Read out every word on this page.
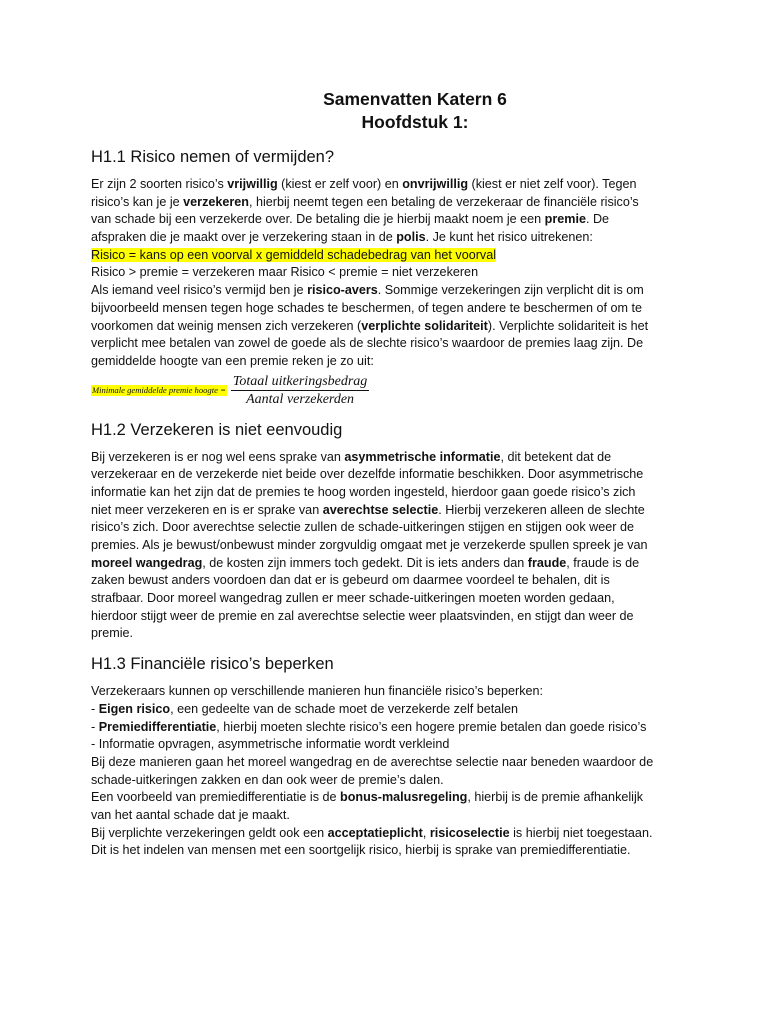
Samenvatten Katern 6
Hoofdstuk 1:
H1.1 Risico nemen of vermijden?
Er zijn 2 soorten risico’s vrijwillig (kiest er zelf voor) en onvrijwillig (kiest er niet zelf voor). Tegen
risico’s kan je je verzekeren, hierbij neemt tegen een betaling de verzekeraar de financiële risico’s
van schade bij een verzekerde over. De betaling die je hierbij maakt noem je een premie. De
afspraken die je maakt over je verzekering staan in de polis. Je kunt het risico uitrekenen:
Risico = kans op een voorval x gemiddeld schadebedrag van het voorval
Risico > premie = verzekeren maar Risico < premie = niet verzekeren
Als iemand veel risico’s vermijd ben je risico-avers. Sommige verzekeringen zijn verplicht dit is om
bijvoorbeeld mensen tegen hoge schades te beschermen, of tegen andere te beschermen of om te
voorkomen dat weinig mensen zich verzekeren (verplichte solidariteit). Verplichte solidariteit is het
verplicht mee betalen van zowel de goede als de slechte risico’s waardoor de premies laag zijn. De
gemiddelde hoogte van een premie reken je zo uit:
Minimale gemiddelde premie hoogte = $\frac{\text{Totaal uitkeringsbedrag}}{\text{Aantal verzekerden}}$
H1.2 Verzekeren is niet eenvoudig
Bij verzekeren is er nog wel eens sprake van asymmetrische informatie, dit betekent dat de
verzekeraar en de verzekerde niet beide over dezelfde informatie beschikken. Door asymmetrische
informatie kan het zijn dat de premies te hoog worden ingesteld, hierdoor gaan goede risico’s zich
niet meer verzekeren en is er sprake van averechtse selectie. Hierbij verzekeren alleen de slechte
risico’s zich. Door averechtse selectie zullen de schade-uitkeringen stijgen en stijgen ook weer de
premies. Als je bewust/onbewust minder zorgvuldig omgaat met je verzekerde spullen spreek je van
moreel wangedrag, de kosten zijn immers toch gedekt. Dit is iets anders dan fraude, fraude is de
zaken bewust anders voordoen dan dat er is gebeurd om daarmee voordeel te behalen, dit is
strafbaar. Door moreel wangedrag zullen er meer schade-uitkeringen moeten worden gedaan,
hierdoor stijgt weer de premie en zal averechtse selectie weer plaatsvinden, en stijgt dan weer de
premie.
H1.3 Financiële risico’s beperken
Verzekeraars kunnen op verschillende manieren hun financiële risico’s beperken:
- Eigen risico, een gedeelte van de schade moet de verzekerde zelf betalen
- Premiedifferentiatie, hierbij moeten slechte risico’s een hogere premie betalen dan goede risico’s
- Informatie opvragen, asymmetrische informatie wordt verkleind
Bij deze manieren gaan het moreel wangedrag en de averechtse selectie naar beneden waardoor de
schade-uitkeringen zakken en dan ook weer de premie’s dalen.
Een voorbeeld van premiedifferentiatie is de bonus-malusregeling, hierbij is de premie afhankelijk
van het aantal schade dat je maakt.
Bij verplichte verzekeringen geldt ook een acceptatieplicht, risicoselectie is hierbij niet toegestaan.
Dit is het indelen van mensen met een soortgelijk risico, hierbij is sprake van premiedifferentiatie.
